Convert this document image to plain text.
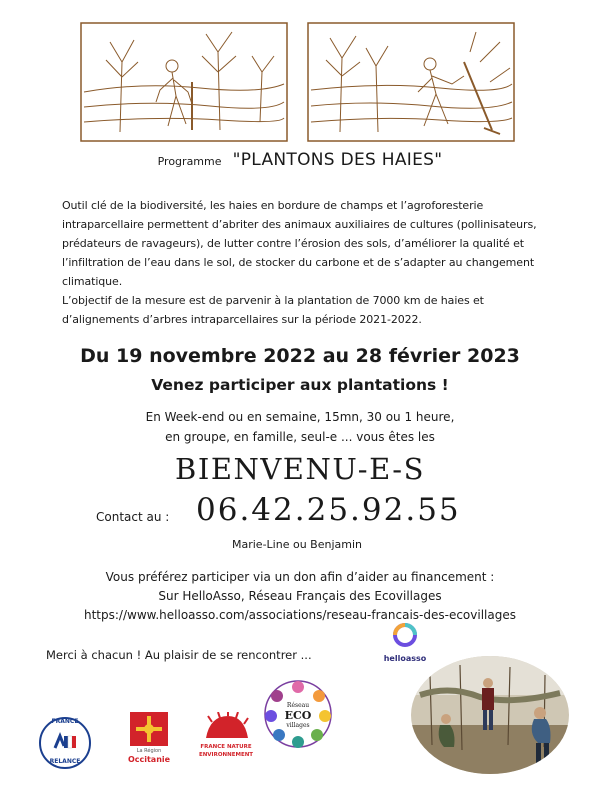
Programme "PLANTONS DES HAIES"

Outil clé de la biodiversité, les haies en bordure de champs et l’agroforesterie intraparcellaire permettent d’abriter des animaux auxiliaires de cultures (pollinisateurs, prédateurs de ravageurs), de lutter contre l’érosion des sols, d’améliorer la qualité et l’infiltration de l’eau dans le sol, de stocker du carbone et de s’adapter au changement climatique.

L’objectif de la mesure est de parvenir à la plantation de 7000 km de haies et d’alignements d’arbres intraparcellaires sur la période 2021-2022.

Du 19 novembre 2022 au 28 février 2023
Venez participer aux plantations !
En Week-end ou en semaine, 15mn, 30 ou 1 heure,
en groupe, en famille, seul-e ... vous êtes les
BIENVENU-E-S
Contact au : 06.42.25.92.55
Marie-Line ou Benjamin
Vous préférez participer via un don afin d’aider au financement :
Sur HelloAsso, Réseau Français des Ecovillages
https://www.helloasso.com/associations/reseau-francais-des-ecovillages
Merci à chacun ! Au plaisir de se rencontrer ...	helloasso
FRANCE
RELANCE
La Région
Occitanie
FRANCE NATURE
ENVIRONNEMENT
Réseau
ECO
villages
